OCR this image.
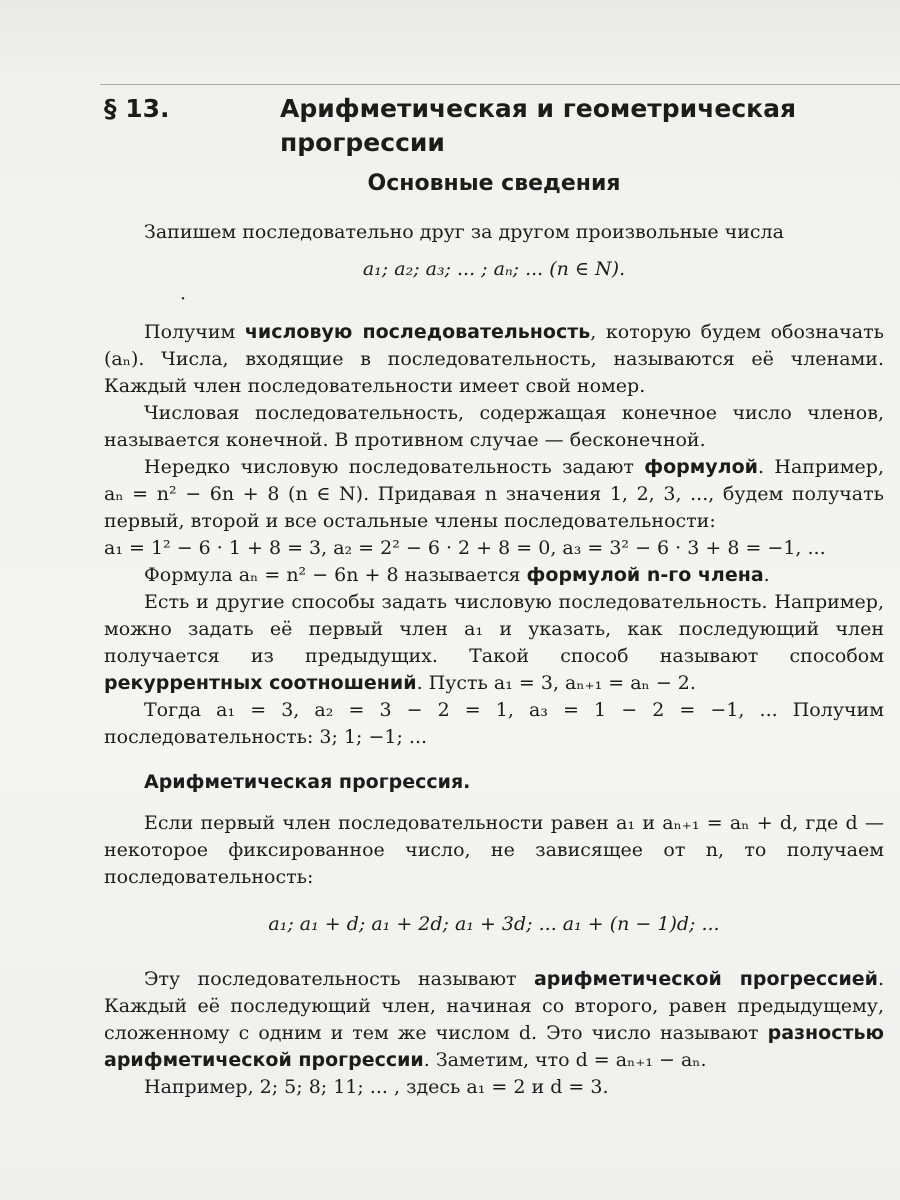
§ 13.	Арифметическая и геометрическая прогрессии
Основные сведения

Запишем последовательно друг за другом произвольные числа

a₁; a₂; a₃; ... ; aₙ; ... (n ∈ N).
·

Получим числовую последовательность, которую будем обозначать (aₙ). Числа, входящие в последовательность, называются её членами. Каждый член последовательности имеет свой номер.

Числовая последовательность, содержащая конечное число членов, называется конечной. В противном случае — бесконечной.

Нередко числовую последовательность задают формулой. Например, aₙ = n² − 6n + 8 (n ∈ N). Придавая n значения 1, 2, 3, ..., будем получать первый, второй и все остальные члены последовательности:

a₁ = 1² − 6 · 1 + 8 = 3, a₂ = 2² − 6 · 2 + 8 = 0, a₃ = 3² − 6 · 3 + 8 = −1, ...

Формула aₙ = n² − 6n + 8 называется формулой n-го члена.

Есть и другие способы задать числовую последовательность. Например, можно задать её первый член a₁ и указать, как последующий член получается из предыдущих. Такой способ называют способом рекуррентных соотношений. Пусть a₁ = 3, aₙ₊₁ = aₙ − 2.

Тогда a₁ = 3, a₂ = 3 − 2 = 1, a₃ = 1 − 2 = −1, ... Получим последовательность: 3; 1; −1; ...

Арифметическая прогрессия.

Если первый член последовательности равен a₁ и aₙ₊₁ = aₙ + d, где d — некоторое фиксированное число, не зависящее от n, то получаем последовательность:

a₁; a₁ + d; a₁ + 2d; a₁ + 3d; ... a₁ + (n − 1)d; ...

Эту последовательность называют арифметической прогрессией. Каждый её последующий член, начиная со второго, равен предыдущему, сложенному с одним и тем же числом d. Это число называют разностью арифметической прогрессии. Заметим, что d = aₙ₊₁ − aₙ.

Например, 2; 5; 8; 11; ... , здесь a₁ = 2 и d = 3.
